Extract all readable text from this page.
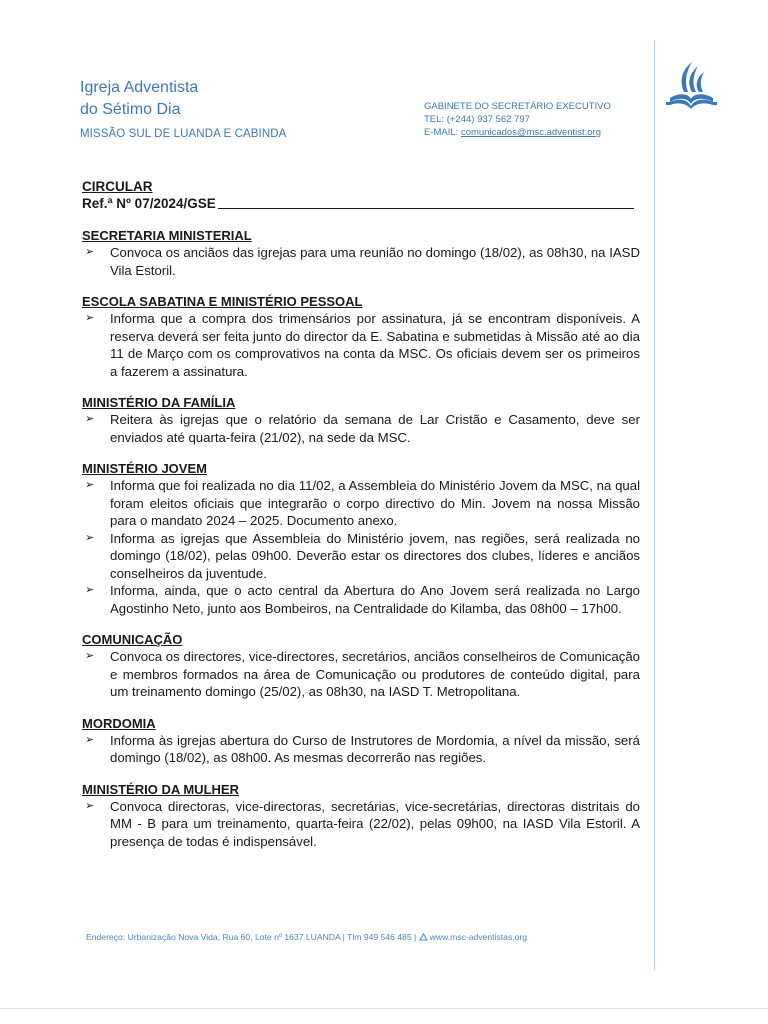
Igreja Adventista
do Sétimo Dia
MISSÃO SUL DE LUANDA E CABINDA
GABINETE DO SECRETÁRIO EXECUTIVO
TEL: (+244) 937 562 797
E-MAIL: comunicados@msc.adventist.org
CIRCULAR
Ref.ª Nº 07/2024/GSE
SECRETARIA MINISTERIAL
➢ Convoca os anciãos das igrejas para uma reunião no domingo (18/02), as 08h30, na IASD Vila Estoril.
ESCOLA SABATINA E MINISTÉRIO PESSOAL
➢ Informa que a compra dos trimensários por assinatura, já se encontram disponíveis. A reserva deverá ser feita junto do director da E. Sabatina e submetidas à Missão até ao dia 11 de Março com os comprovativos na conta da MSC. Os oficiais devem ser os primeiros a fazerem a assinatura.
MINISTÉRIO DA FAMÍLIA
➢ Reitera às igrejas que o relatório da semana de Lar Cristão e Casamento, deve ser enviados até quarta-feira (21/02), na sede da MSC.
MINISTÉRIO JOVEM
➢ Informa que foi realizada no dia 11/02, a Assembleia do Ministério Jovem da MSC, na qual foram eleitos oficiais que integrarão o corpo directivo do Min. Jovem na nossa Missão para o mandato 2024 – 2025. Documento anexo.
➢ Informa as igrejas que Assembleia do Ministério jovem, nas regiões, será realizada no domingo (18/02), pelas 09h00. Deverão estar os directores dos clubes, líderes e anciãos conselheiros da juventude.
➢ Informa, ainda, que o acto central da Abertura do Ano Jovem será realizada no Largo Agostinho Neto, junto aos Bombeiros, na Centralidade do Kilamba, das 08h00 – 17h00.
COMUNICAÇÃO
➢ Convoca os directores, vice-directores, secretários, anciãos conselheiros de Comunicação e membros formados na área de Comunicação ou produtores de conteúdo digital, para um treinamento domingo (25/02), as 08h30, na IASD T. Metropolitana.
MORDOMIA
➢ Informa às igrejas abertura do Curso de Instrutores de Mordomia, a nível da missão, será domingo (18/02), as 08h00. As mesmas decorrerão nas regiões.
MINISTÉRIO DA MULHER
➢ Convoca directoras, vice-directoras, secretárias, vice-secretárias, directoras distritais do MM - B para um treinamento, quarta-feira (22/02), pelas 09h00, na IASD Vila Estoril. A presença de todas é indispensável.
Endereço: Urbanização Nova Vida, Rua 60, Lote nº 1637 LUANDA | Tlm 949 546 485 | www.msc-adventistas.org
